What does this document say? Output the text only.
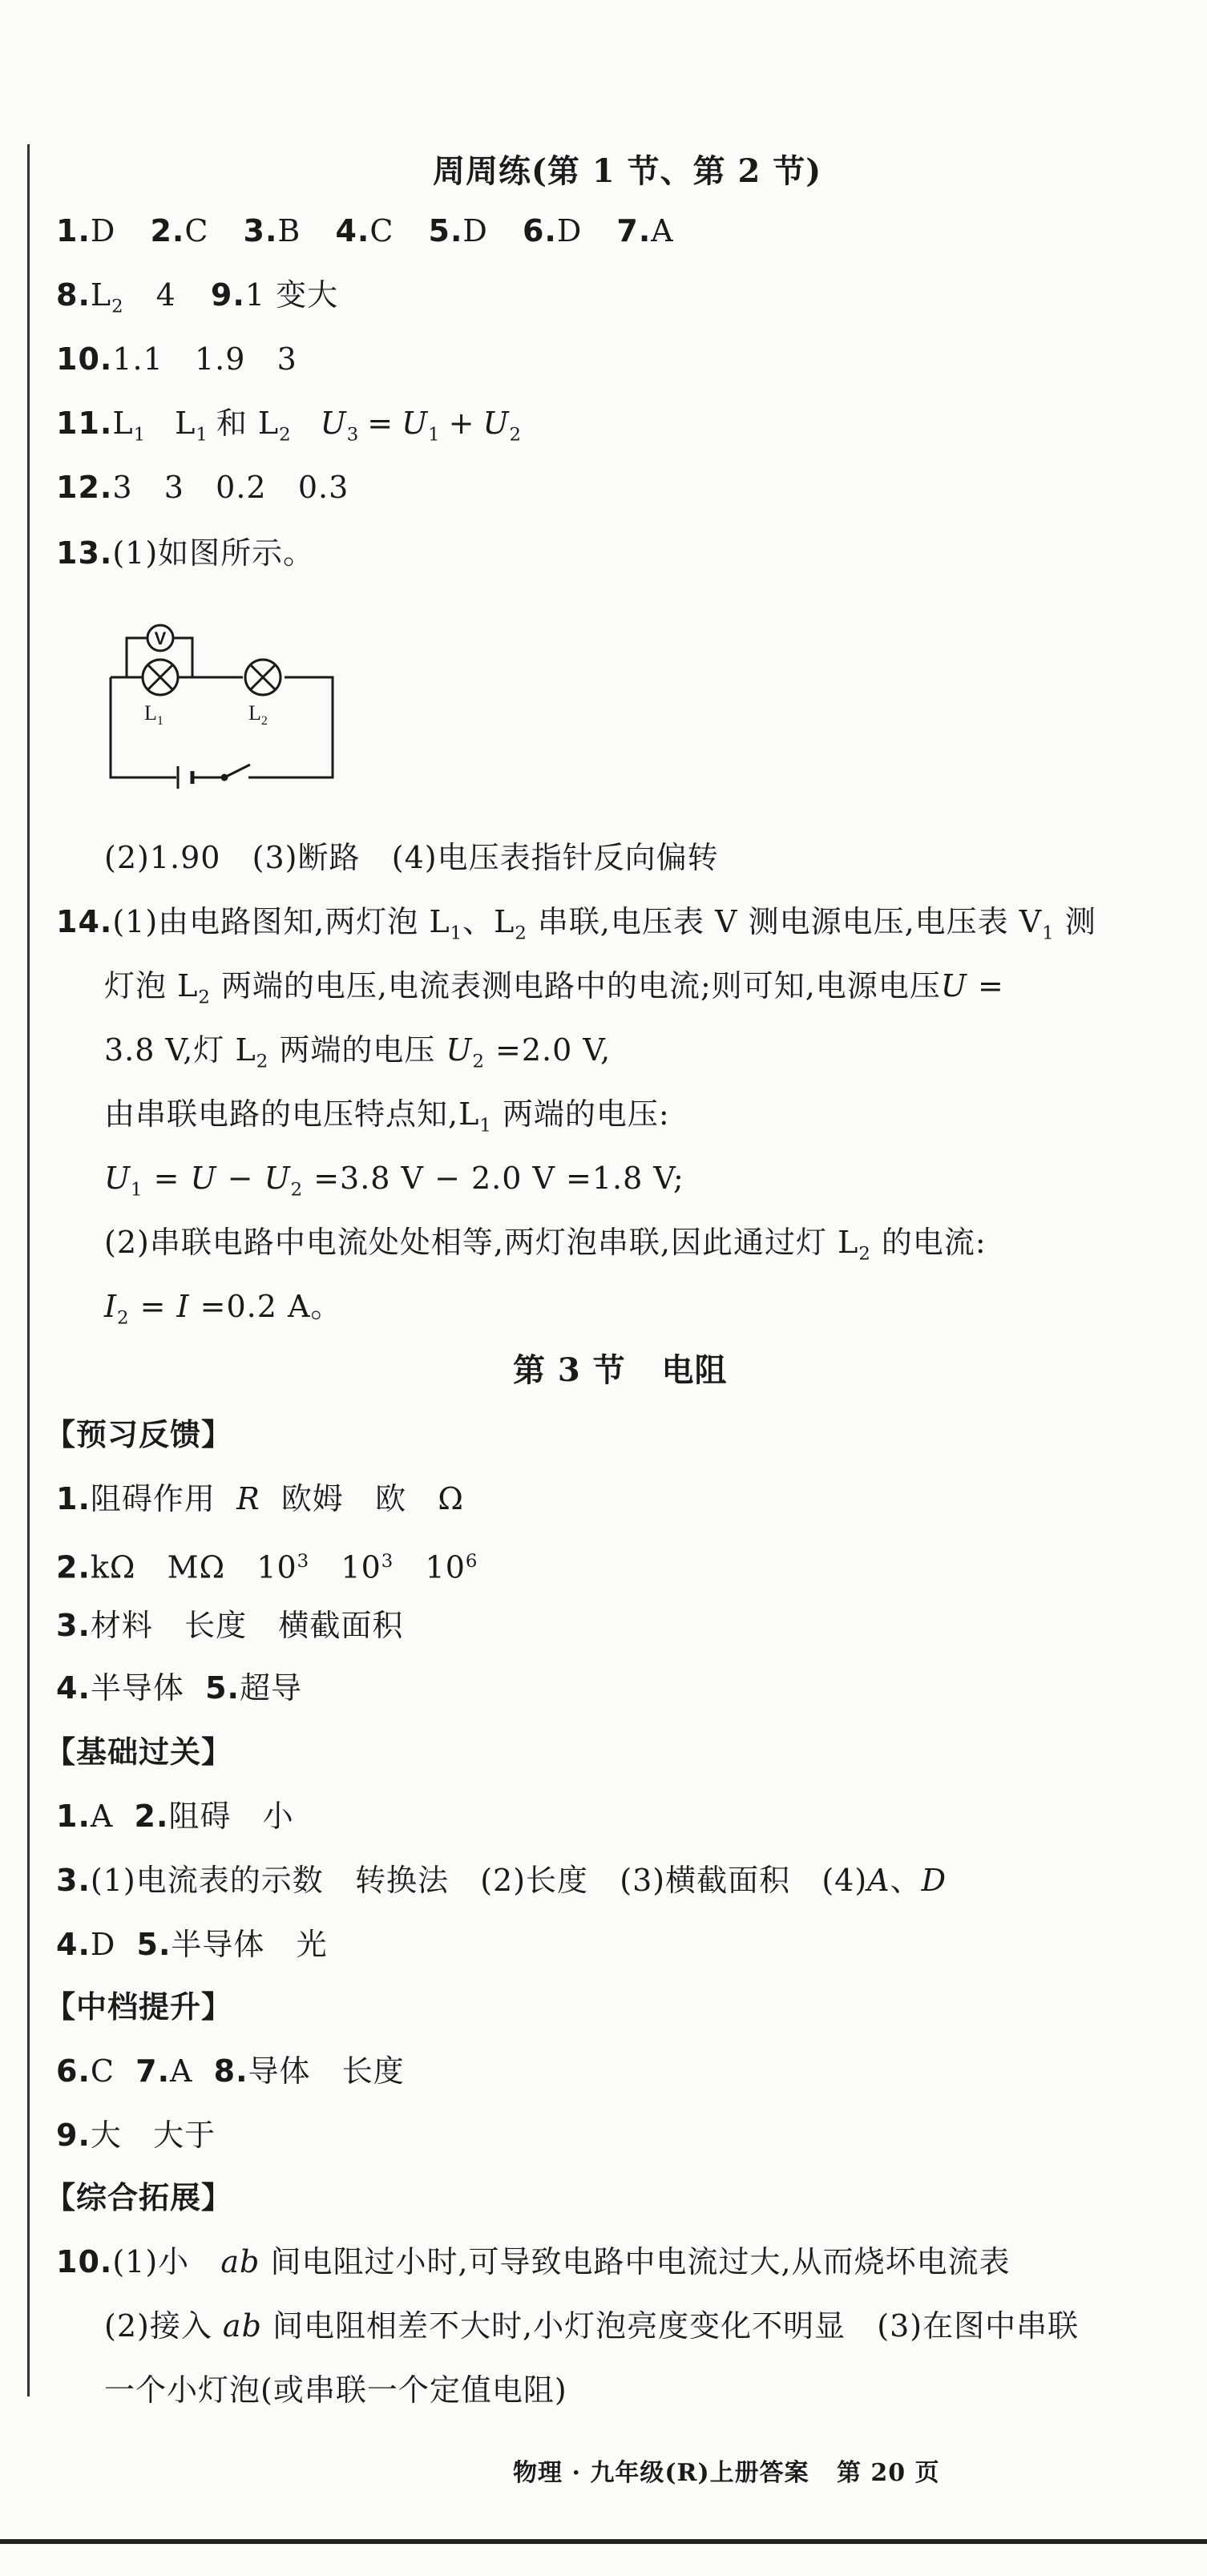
周周练(第 1 节、第 2 节)
1.D 2.C 3.B 4.C 5.D 6.D 7.A
$8.L_2$ 4 9.1 变大
10.1.1   1.9   3
$11.L_1$ $L_1$ 和 $L_2$ $U_3 = U_1 + U_2$
12.3   3   0.2   0.3
13.(1)如图所示。
V
$L_1$	$L_2$
(2)1.90   (3)断路   (4)电压表指针反向偏转
14.(1)由电路图知,两灯泡 $L_1$、$L_2$ 串联,电压表 V 测电源电压,电压表 $V_1$ 测
灯泡 $L_2$ 两端的电压,电流表测电路中的电流;则可知,电源电压U =
3.8 V,灯 $L_2$ 两端的电压 $U_2 =2.0$ V,
由串联电路的电压特点知$,L_1$ 两端的电压:
$U_1 = U - U_2 =3.8$ V − 2.0 V =1.8 V;
(2)串联电路中电流处处相等,两灯泡串联,因此通过灯 $L_2$ 的电流:
$I_2 = I =0.2$ A。
第 3 节   电阻
【预习反馈】
1.阻碍作用  R  欧姆   欧   Ω
2.kΩ   MΩ   $10^3$   $10^3$   $10^6$
3.材料   长度   横截面积
4.半导体  5.超导
【基础过关】
1.A  2.阻碍   小
3.(1)电流表的示数   转换法   (2)长度   (3)横截面积   (4)A、D
4.D  5.半导体   光
【中档提升】
6.C  7.A  8.导体   长度
9.大   大于
【综合拓展】
10.(1)小   ab 间电阻过小时,可导致电路中电流过大,从而烧坏电流表
(2)接入 ab 间电阻相差不大时,小灯泡亮度变化不明显   (3)在图中串联
一个小灯泡(或串联一个定值电阻)
物理 · 九年级(R)上册答案   第 20 页
